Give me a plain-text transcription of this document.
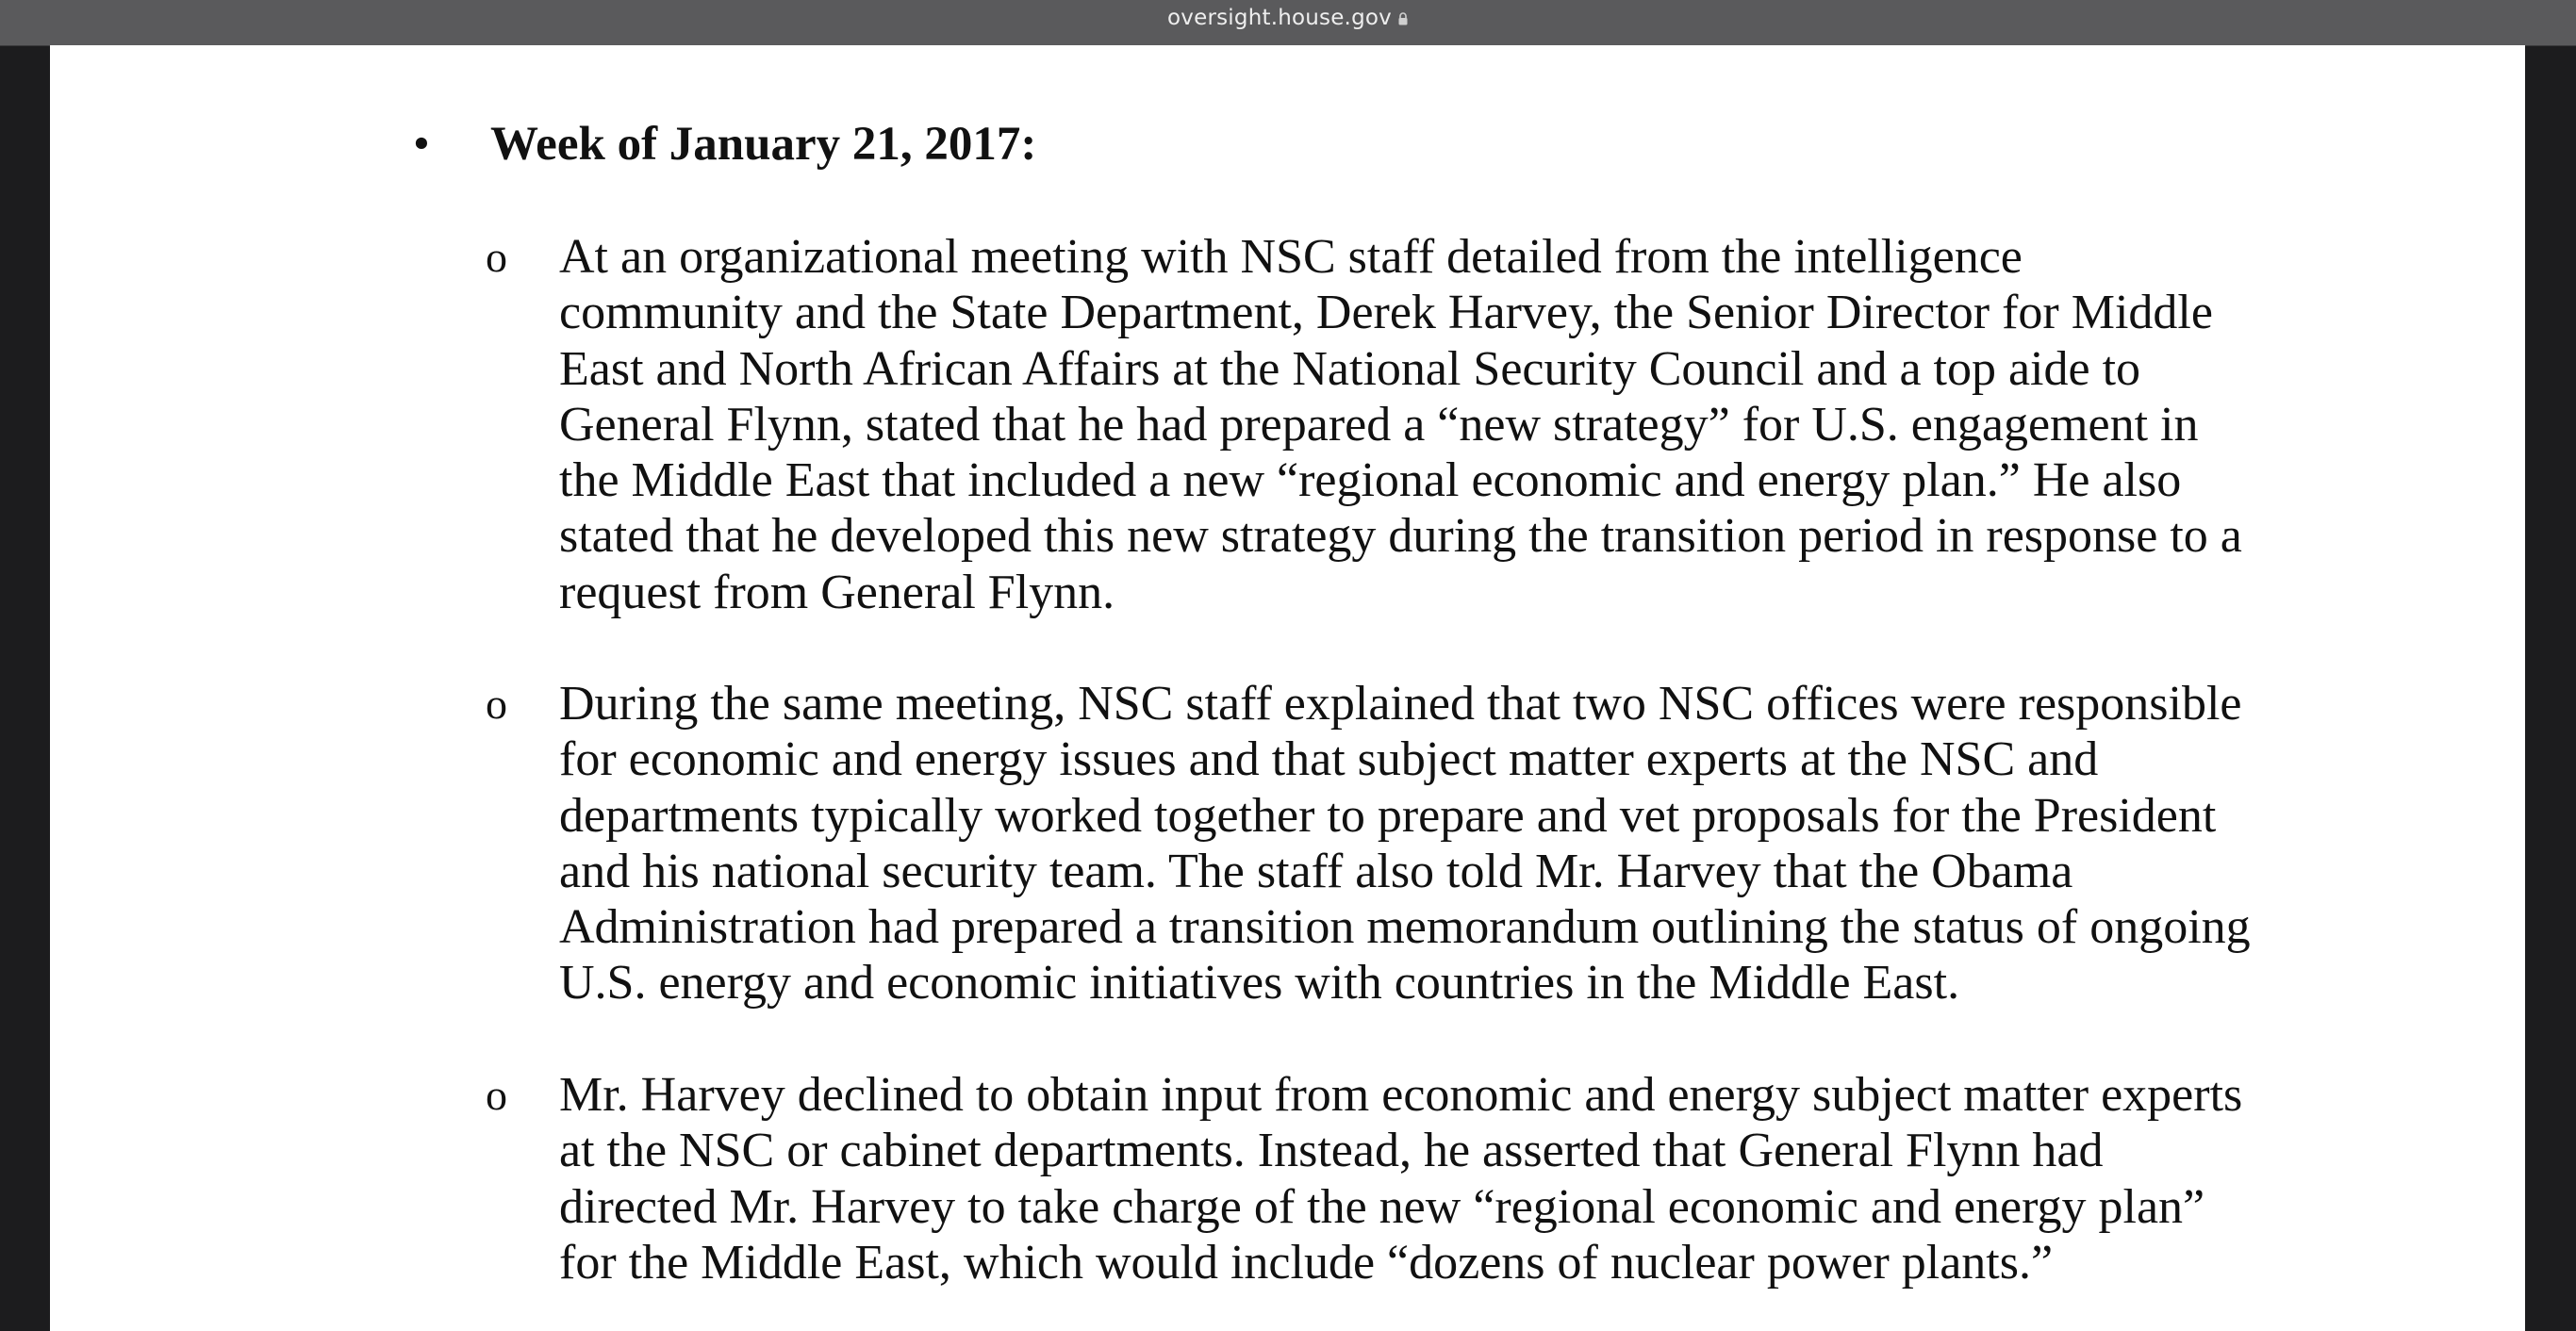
oversight.house.gov
• Week of January 21, 2017:
o At an organizational meeting with NSC staff detailed from the intelligence
community and the State Department, Derek Harvey, the Senior Director for Middle
East and North African Affairs at the National Security Council and a top aide to
General Flynn, stated that he had prepared a “new strategy” for U.S. engagement in
the Middle East that included a new “regional economic and energy plan.” He also
stated that he developed this new strategy during the transition period in response to a
request from General Flynn.
o During the same meeting, NSC staff explained that two NSC offices were responsible
for economic and energy issues and that subject matter experts at the NSC and
departments typically worked together to prepare and vet proposals for the President
and his national security team. The staff also told Mr. Harvey that the Obama
Administration had prepared a transition memorandum outlining the status of ongoing
U.S. energy and economic initiatives with countries in the Middle East.
o Mr. Harvey declined to obtain input from economic and energy subject matter experts
at the NSC or cabinet departments. Instead, he asserted that General Flynn had
directed Mr. Harvey to take charge of the new “regional economic and energy plan”
for the Middle East, which would include “dozens of nuclear power plants.”
